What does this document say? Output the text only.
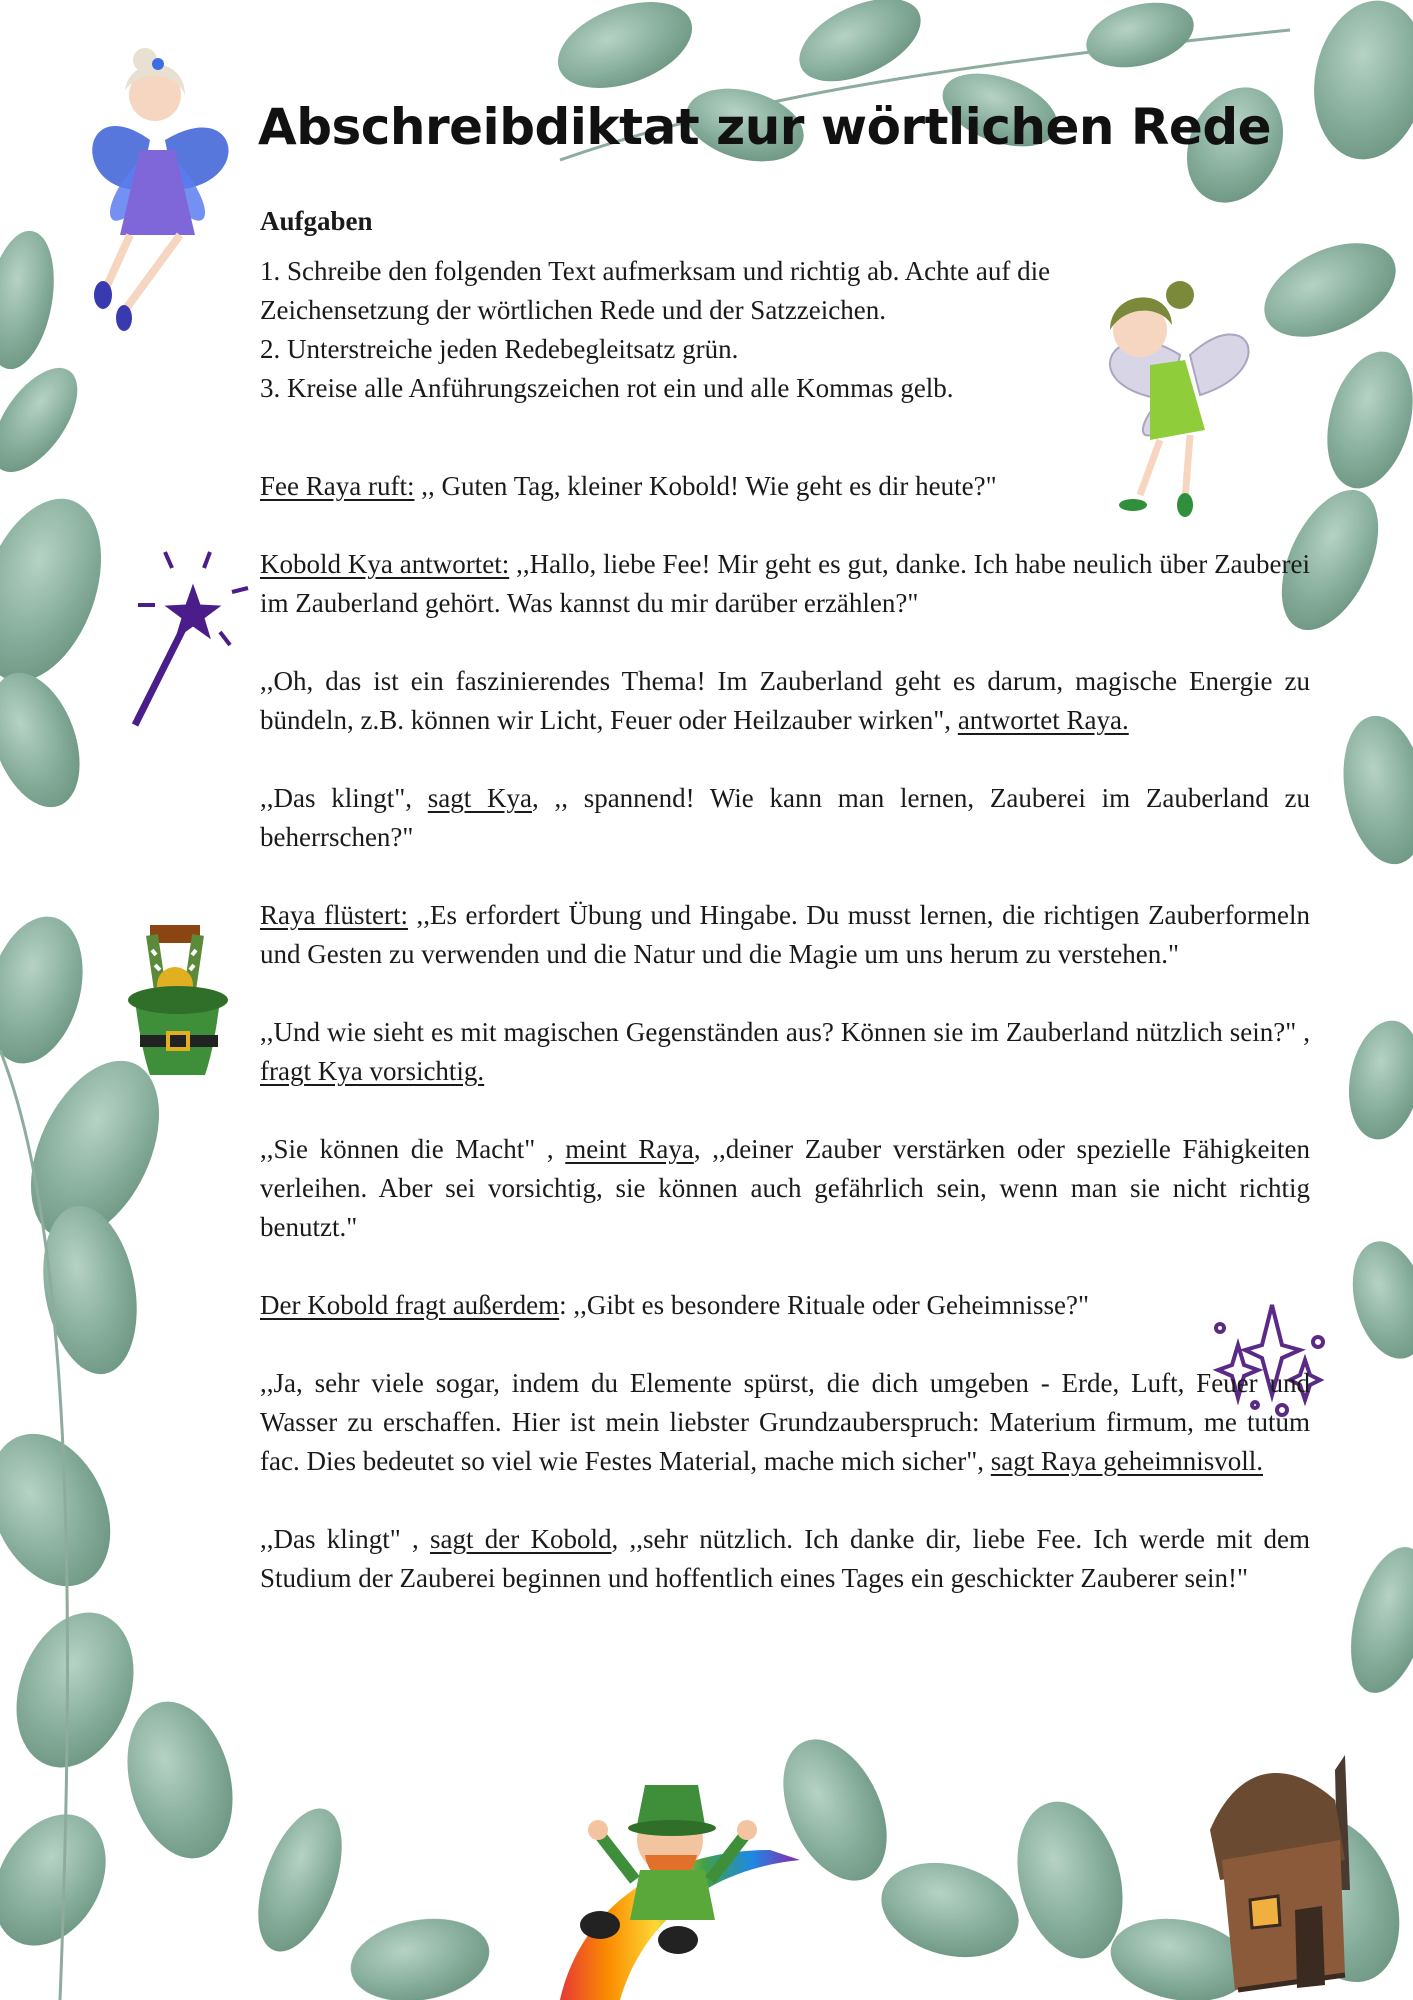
Abschreibdiktat zur wörtlichen Rede
Aufgaben
1. Schreibe den folgenden Text aufmerksam und richtig ab. Achte auf die Zeichensetzung der wörtlichen Rede und der Satzzeichen.
2. Unterstreiche jeden Redebegleitsatz grün.
3. Kreise alle Anführungszeichen rot ein und alle Kommas gelb.

Fee Raya ruft: ,, Guten Tag, kleiner Kobold! Wie geht es dir heute?"

Kobold Kya antwortet: ,,Hallo, liebe Fee! Mir geht es gut, danke. Ich habe neulich über Zauberei im Zauberland gehört. Was kannst du mir darüber erzählen?"

,,Oh, das ist ein faszinierendes Thema! Im Zauberland geht es darum, magische Energie zu bündeln, z.B. können wir Licht, Feuer oder Heilzauber wirken", antwortet Raya.

,,Das klingt", sagt Kya, ,, spannend! Wie kann man lernen, Zauberei im Zauberland zu beherrschen?"

Raya flüstert: ,,Es erfordert Übung und Hingabe. Du musst lernen, die richtigen Zauberformeln und Gesten zu verwenden und die Natur und die Magie um uns herum zu verstehen."

,,Und wie sieht es mit magischen Gegenständen aus? Können sie im Zauberland nützlich sein?" , fragt Kya vorsichtig.

,,Sie können die Macht" , meint Raya, ,,deiner Zauber verstärken oder spezielle Fähigkeiten verleihen. Aber sei vorsichtig, sie können auch gefährlich sein, wenn man sie nicht richtig benutzt."

Der Kobold fragt außerdem: ,,Gibt es besondere Rituale oder Geheimnisse?"

,,Ja, sehr viele sogar, indem du Elemente spürst, die dich umgeben - Erde, Luft, Feuer und Wasser zu erschaffen. Hier ist mein liebster Grundzauberspruch: Materium firmum, me tutum fac. Dies bedeutet so viel wie Festes Material, mache mich sicher", sagt Raya geheimnisvoll.

,,Das klingt" , sagt der Kobold, ,,sehr nützlich. Ich danke dir, liebe Fee. Ich werde mit dem Studium der Zauberei beginnen und hoffentlich eines Tages ein geschickter Zauberer sein!"
